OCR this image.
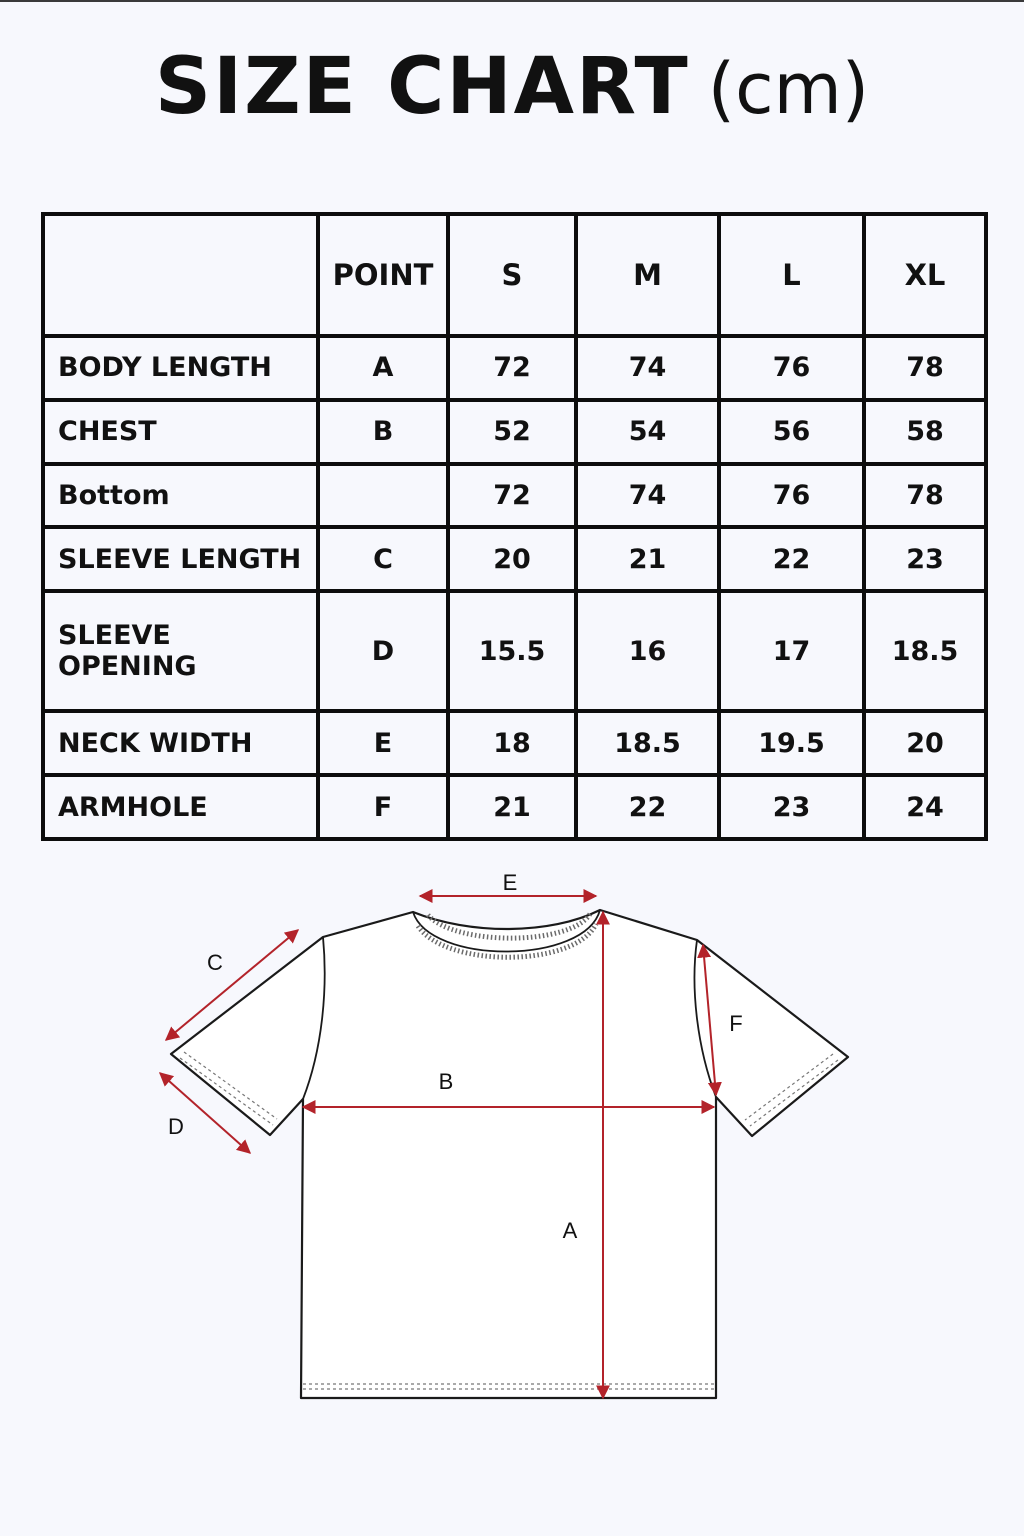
SIZE CHART (cm)
	POINT	S	M	L	XL
BODY LENGTH	A	72	74	76	78
CHEST	B	52	54	56	58
Bottom		72	74	76	78
SLEEVE LENGTH	C	20	21	22	23
SLEEVE OPENING	D	15.5	16	17	18.5
NECK WIDTH	E	18	18.5	19.5	20
ARMHOLE	F	21	22	23	24
E
C
F
B
D
A
